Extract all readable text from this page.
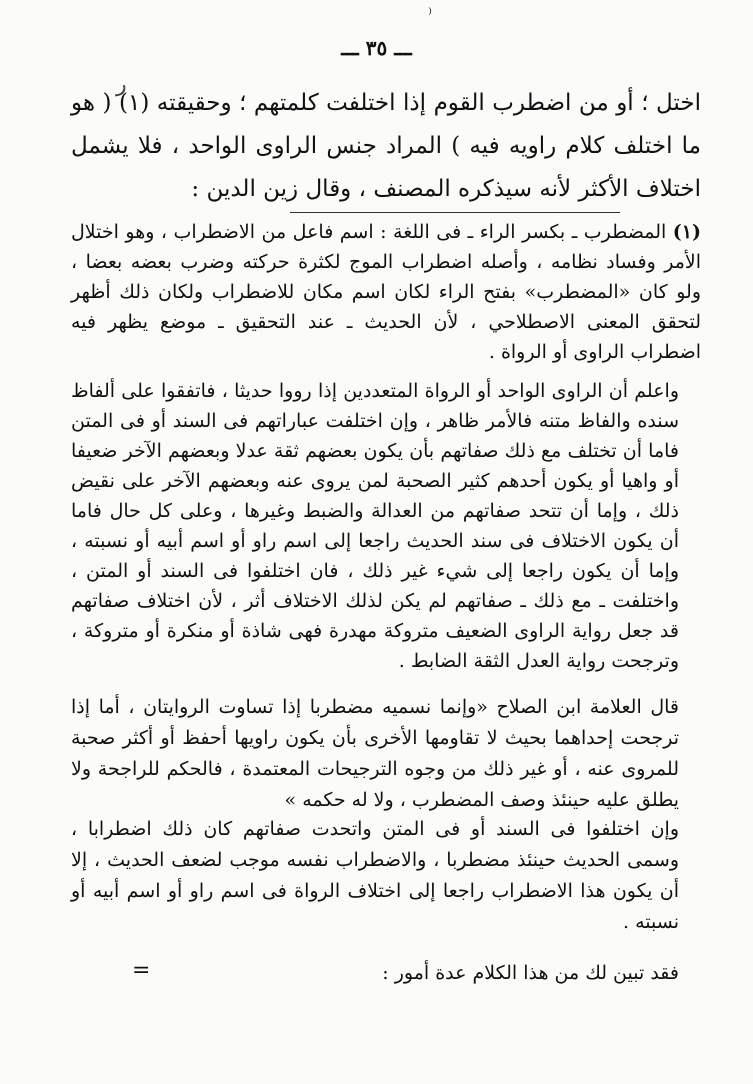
⁾
ـــ ٣٥ ـــ
ﺭ

اختل ؛ أو من اضطرب القوم إذا اختلفت كلمتهم ؛ وحقيقته (١) ( هو ما اختلف كلام راويه فيه ) المراد جنس الراوى الواحد ، فلا يشمل اختلاف الأكثر لأنه سيذكره المصنف ، وقال زين الدين :

(١) المضطرب ـ بكسر الراء ـ فى اللغة : اسم فاعل من الاضطراب ، وهو اختلال الأمر وفساد نظامه ، وأصله اضطراب الموج لكثرة حركته وضرب بعضه بعضا ، ولو كان «المضطرب» بفتح الراء لكان اسم مكان للاضطراب ولكان ذلك أظهر لتحقق المعنى الاصطلاحي ، لأن الحديث ـ عند التحقيق ـ موضع يظهر فيه اضطراب الراوى أو الرواة .

واعلم أن الراوى الواحد أو الرواة المتعددين إذا رووا حديثا ، فاتفقوا على ألفاظ سنده والفاظ متنه فالأمر ظاهر ، وإن اختلفت عباراتهم فى السند أو فى المتن فاما أن تختلف مع ذلك صفاتهم بأن يكون بعضهم ثقة عدلا وبعضهم الآخر ضعيفا أو واهيا أو يكون أحدهم كثير الصحبة لمن يروى عنه وبعضهم الآخر على نقيض ذلك ، وإما أن تتحد صفاتهم من العدالة والضبط وغيرها ، وعلى كل حال فاما أن يكون الاختلاف فى سند الحديث راجعا إلى اسم راو أو اسم أبيه أو نسبته ، وإما أن يكون راجعا إلى شيء غير ذلك ، فان اختلفوا فى السند أو المتن ، واختلفت ـ مع ذلك ـ صفاتهم لم يكن لذلك الاختلاف أثر ، لأن اختلاف صفاتهم قد جعل رواية الراوى الضعيف متروكة مهدرة فهى شاذة أو منكرة أو متروكة ، وترجحت رواية العدل الثقة الضابط .

قال العلامة ابن الصلاح «وإنما نسميه مضطربا إذا تساوت الروايتان ، أما إذا ترجحت إحداهما بحيث لا تقاومها الأخرى بأن يكون راويها أحفظ أو أكثر صحبة للمروى عنه ، أو غير ذلك من وجوه الترجيحات المعتمدة ، فالحكم للراجحة ولا يطلق عليه حينئذ وصف المضطرب ، ولا له حكمه »

وإن اختلفوا فى السند أو فى المتن واتحدت صفاتهم كان ذلك اضطرابا ، وسمى الحديث حينئذ مضطربا ، والاضطراب نفسه موجب لضعف الحديث ، إلا أن يكون هذا الاضطراب راجعا إلى اختلاف الرواة فى اسم راو أو اسم أبيه أو نسبته .

فقد تبين لك من هذا الكلام عدة أمور :

=
